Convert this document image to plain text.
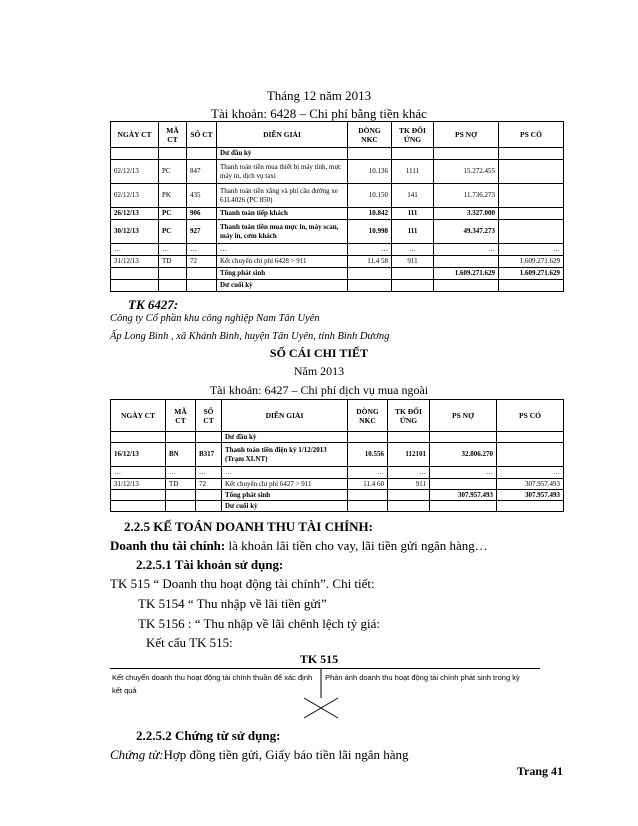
Tháng 12 năm 2013
Tài khoản: 6428 – Chi phí bằng tiền khác
NGÀY CT	MÃ CT	SỐ CT	DIỄN GIẢI	DÒNG NKC	TK ĐỐI ỨNG	PS NỢ	PS CÓ
			Dư đầu kỳ				
02/12/13	PC	847	Thanh toán tiền mua thiết bị máy tính, mực máy in, dịch vụ taxi	10.136	1111	15.272.455	
02/12/13	PK	435	Thanh toán tiền xăng và phí cầu đường xe 61L4026 (PC 850)	10.150	141	11.736.273	
26/12/13	PC	906	Thanh toán tiếp khách	10.842	111	3.327.000	
30/12/13	PC	927	Thanh toán tiền mua mực in, máy scan, máy in, cơm khách	10.998	111	49.347.273	
…	…	…	…	…	…	…	…
31/12/13	TD	72	Kết chuyển chi phí 6428 > 911	11.4 58	911		1.609.271.629
			Tổng phát sinh			1.609.271.629	1.609.271.629
			Dư cuối kỳ				
TK 6427:
Công ty Cổ phần khu công nghiệp Nam Tân Uyên
Ấp Long Bình , xã Khánh Bình, huyện Tân Uyên, tỉnh Bình Dương
SỔ CÁI CHI TIẾT
Năm 2013
Tài khoản: 6427 – Chi phí dịch vụ mua ngoài
NGÀY CT	MÃ CT	SỐ CT	DIỄN GIẢI	DÒNG NKC	TK ĐỐI ỨNG	PS NỢ	PS CÓ
			Dư đầu kỳ				
16/12/13	BN	B317	Thanh toán tiền điện kỳ 1/12/2013 (Trạm XLNT)	10.556	112101	32.806.270	
…	…	…	…	…	…	…	…
31/12/13	TD	72	Kết chuyển chi phí 6427 > 911	11.4 60	911		307.957.493
			Tổng phát sinh			307.957.493	307.957.493
			Dư cuối kỳ				
2.2.5 KẾ TOÁN DOANH THU TÀI CHÍNH:
Doanh thu tài chính: là khoản lãi tiền cho vay, lãi tiền gửi ngân hàng…
2.2.5.1 Tài khoản sử dụng:
TK 515 “ Doanh thu hoạt động tài chính”. Chi tiết:
TK 5154 “ Thu nhập về lãi tiền gửi”
TK 5156 : “ Thu nhập về lãi chênh lệch tỷ giá:
Kết cấu TK 515:
TK 515
Kết chuyển doanh thu hoạt động tài chính thuần để xác định kết quả
Phản ánh doanh thu hoạt động tài chính phát sinh trong kỳ
2.2.5.2 Chứng từ sử dụng:
Chứng từ:Hợp đồng tiền gửi, Giấy báo tiền lãi ngân hàng
Trang 41
